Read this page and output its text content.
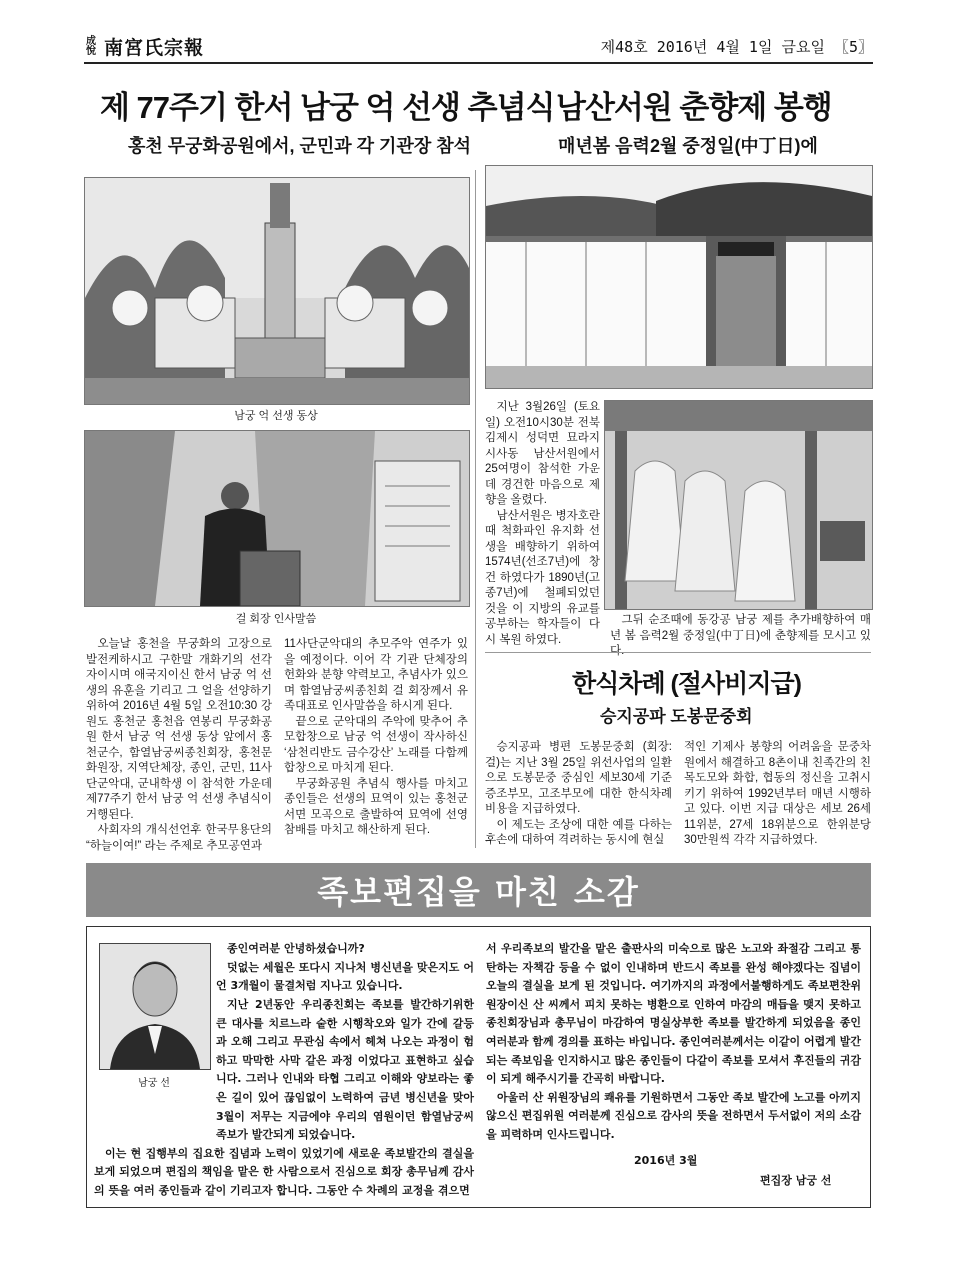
成悅 南宮氏宗報	제48호 2016년 4월 1일 금요일 〖5〗
제 77주기 한서 남궁 억 선생 추념식
홍천 무궁화공원에서, 군민과 각 기관장 참석
남궁 억 선생 동상
걸 회장 인사말씀

오늘날 홍천을 무궁화의 고장으로 발전케하시고 구한말 개화기의 선각자이시며 애국지이신 한서 남궁 억 선생의 유훈을 기리고 그 얼을 선양하기 위하여 2016년 4월 5일 오전10:30 강원도 홍천군 홍천읍 연봉리 무궁화공원 한서 남궁 억 선생 동상 앞에서 홍천군수, 함열남궁씨종친회장, 홍천문화원장, 지역단체장, 종인, 군민, 11사단군악대, 군내학생 이 참석한 가운데 제77주기 한서 남궁 억 선생 추념식이 거행된다.

사회자의 개식선언후 한국무용단의 “하늘이여!” 라는 주제로 추모공연과

11사단군악대의 추모주악 연주가 있을 예정이다. 이어 각 기관 단체장의 헌화와 분향 약력보고, 추념사가 있으며 함열남궁씨종친회 걸 회장께서 유족대표로 인사말씀을 하시게 된다.

끝으로 군악대의 주악에 맞추어 추모합창으로 남궁 억 선생이 작사하신 ‘삼천리반도 금수강산’ 노래를 다함께 합창으로 마치게 된다.

무궁화공원 추념식 행사를 마치고 종인들은 선생의 묘역이 있는 홍천군 서면 모곡으로 출발하여 묘역에 선영참배를 마치고 해산하게 된다.

남산서원 춘향제 봉행
매년봄 음력2월 중정일(中丁日)에

지난 3월26일 (토요일) 오전10시30분 전북 김제시 성덕면 묘라지 시사동 남산서원에서 25여명이 참석한 가운데 경건한 마음으로 제향을 올렸다.

남산서원은 병자호란때 척화파인 유지화 선생을 배향하기 위하여 1574년(선조7년)에 창건 하였다가 1890년(고종7년)에 철폐되었던 것을 이 지방의 유교를 공부하는 학자들이 다시 복원 하였다.

그뒤 순조때에 동강공 남궁 제를 추가배향하여 매년 봄 음력2월 중정일(中丁日)에 춘향제를 모시고 있다.

한식차례 (절사비지급)
승지공파 도봉문중회

승지공파 병편 도봉문중회 (회장: 걸)는 지난 3월 25일 위선사업의 일환으로 도봉문중 중심인 세보30세 기준 증조부모, 고조부모에 대한 한식차례 비용을 지급하였다.

이 제도는 조상에 대한 예를 다하는 후손에 대하여 격려하는 동시에 현실

적인 기제사 봉향의 어려움을 문중차원에서 해결하고 8촌이내 친족간의 친목도모와 화합, 협동의 정신을 고취시키기 위하여 1992년부터 매년 시행하고 있다. 이번 지급 대상은 세보 26세 11위분, 27세 18위분으로 한위분당 30만원씩 각각 지급하였다.

족보편집을 마친 소감
남궁 선

종인여러분 안녕하셨습니까?

덧없는 세월은 또다시 지나처 병신년을 맞은지도 어언 3개월이 물결처럼 지나고 있습니다.

지난 2년동안 우리종친회는 족보를 발간하기위한 큰 대사를 치르느라 숱한 시행착오와 일가 간에 갈등과 오해 그리고 무관심 속에서 헤쳐 나오는 과정이 험하고 막막한 사막 같은 과정 이었다고 표현하고 싶습니다. 그러나 인내와 타협 그리고 이해와 양보라는 좋은 길이 있어 끊임없이 노력하여 금년 병신년을 맞아 3월이 저무는 지금에야 우리의 염원이던 함열남궁씨 족보가 발간되게 되었습니다.

이는 현 집행부의 집요한 집념과 노력이 있었기에 새로운 족보발간의 결실을 보게 되었으며 편집의 책임을 맡은 한 사람으로서 진심으로 회장 총무님께 감사의 뜻을 여러 종인들과 같이 기리고자 합니다. 그동안 수 차례의 교정을 겪으면

서 우리족보의 발간을 맡은 출판사의 미숙으로 많은 노고와 좌절감 그리고 통탄하는 자책감 등을 수 없이 인내하며 반드시 족보를 완성 해야겠다는 집념이 오늘의 결실을 보게 된 것입니다. 여기까지의 과정에서불행하게도 족보편찬위원장이신 산 씨께서 피치 못하는 병환으로 인하여 마감의 매듭을 맺지 못하고 종친회장님과 총무님이 마감하여 명실상부한 족보를 발간하게 되었음을 종인여러분과 함께 경의를 표하는 바입니다. 종인여러분께서는 이같이 어렵게 발간되는 족보임을 인지하시고 많은 종인들이 다같이 족보를 모셔서 후진들의 귀감이 되게 해주시기를 간곡히 바랍니다.

아울러 산 위원장님의 쾌유를 기원하면서 그동안 족보 발간에 노고를 아끼지 않으신 편집위원 여러분께 진심으로 감사의 뜻을 전하면서 두서없이 저의 소감을 피력하며 인사드립니다.

2016년 3월
편집장 남궁 선
